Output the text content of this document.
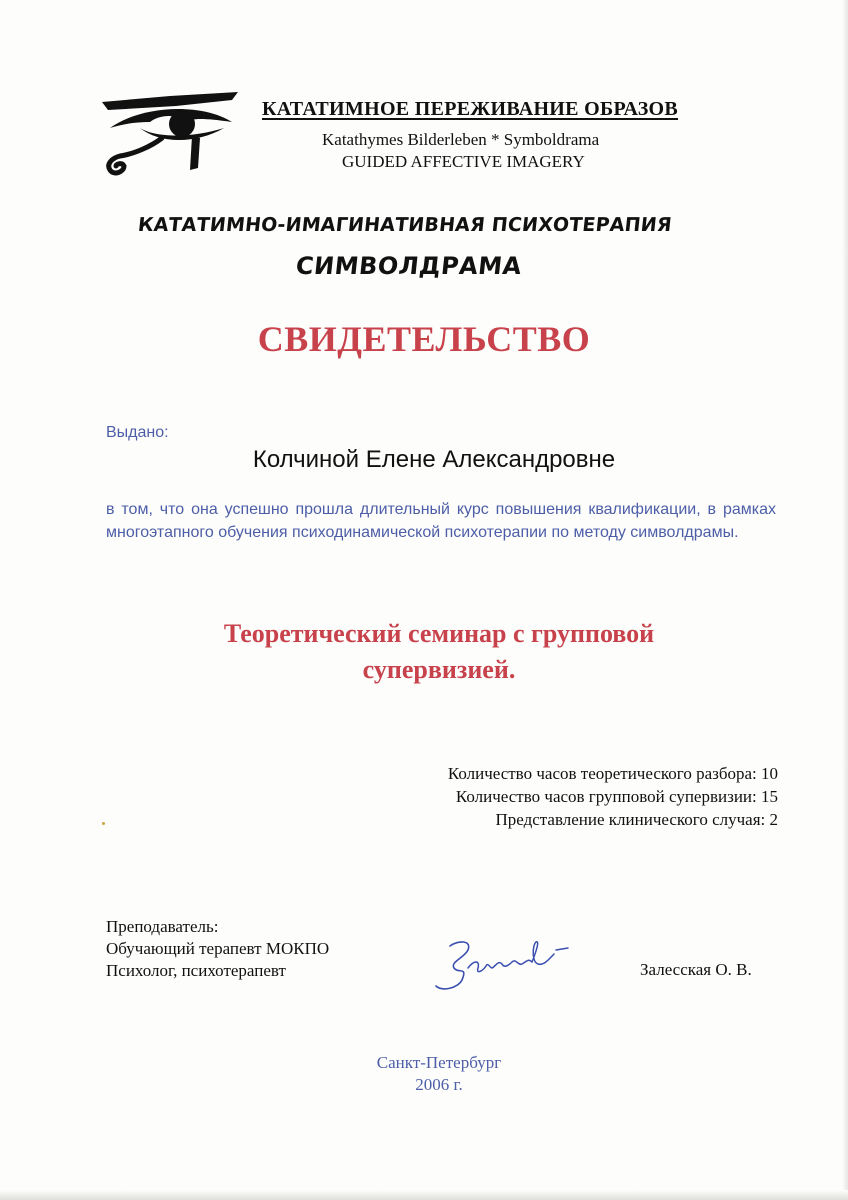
КАТАТИМНОЕ ПЕРЕЖИВАНИЕ ОБРАЗОВ
Katathymes Bilderleben * Symboldrama
GUIDED AFFECTIVE IMAGERY
КАТАТИМНО-ИМАГИНАТИВНАЯ ПСИХОТЕРАПИЯ
СИМВОЛДРАМА
СВИДЕТЕЛЬСТВО
Выдано:
Колчиной Елене Александровне
в том, что она успешно прошла длительный курс повышения квалификации, в рамках многоэтапного обучения психодинамической психотерапии по методу символдрамы.
Теоретический семинар с групповой
супервизией.
Количество часов теоретического разбора: 10
Количество часов групповой супервизии: 15
Представление клинического случая: 2
Преподаватель:
Обучающий терапевт МОКПО
Психолог, психотерапевт	Залесская О. В.
Санкт-Петербург
2006 г.
